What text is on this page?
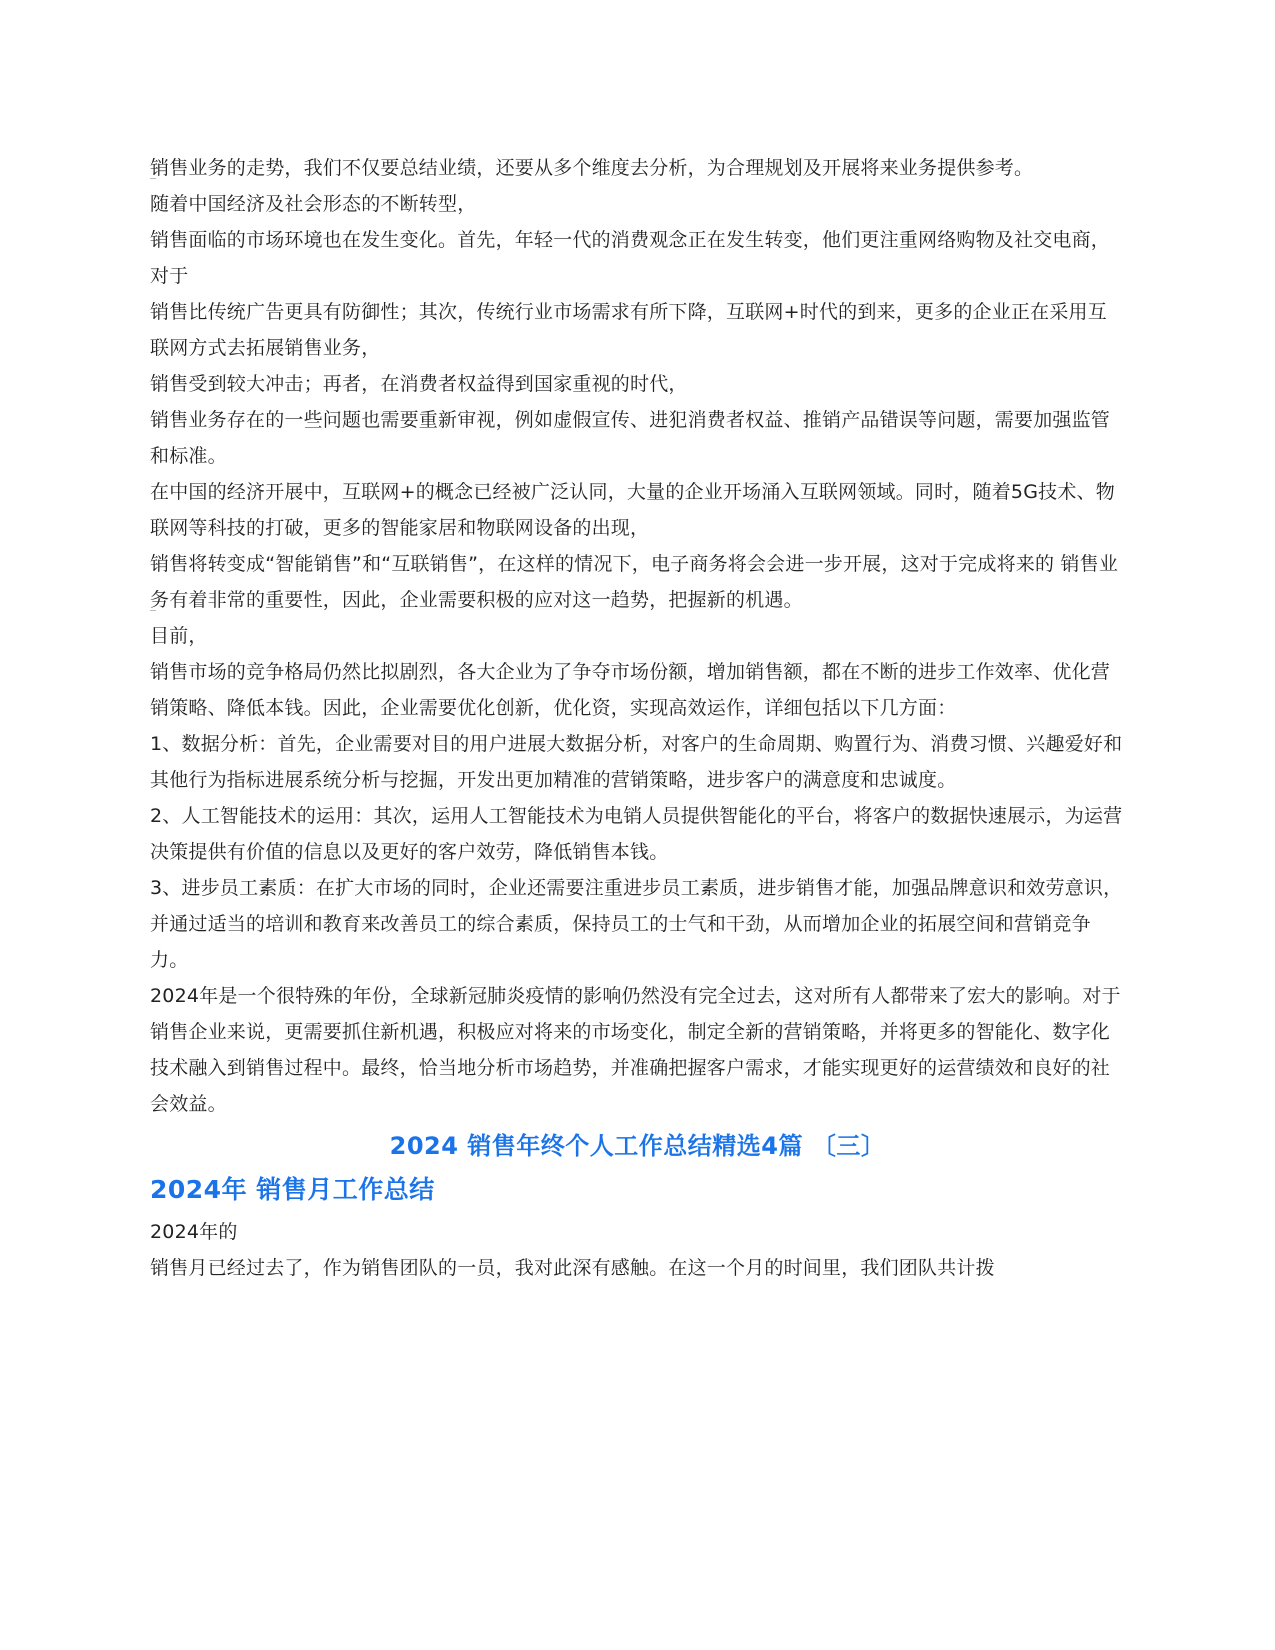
销售业务的走势，我们不仅要总结业绩，还要从多个维度去分析，为合理规划及开展将来业务提供参考。

随着中国经济及社会形态的不断转型，

销售面临的市场环境也在发生变化。首先，年轻一代的消费观念正在发生转变，他们更注重网络购物及社交电商，对于

销售比传统广告更具有防御性；其次，传统行业市场需求有所下降，互联网+时代的到来，更多的企业正在采用互联网方式去拓展销售业务，

销售受到较大冲击；再者，在消费者权益得到国家重视的时代，

销售业务存在的一些问题也需要重新审视，例如虚假宣传、进犯消费者权益、推销产品错误等问题，需要加强监管和标准。

在中国的经济开展中，互联网+的概念已经被广泛认同，大量的企业开场涌入互联网领域。同时，随着5G技术、物联网等科技的打破，更多的智能家居和物联网设备的出现，

销售将转变成“智能销售”和“互联销售”，在这样的情况下，电子商务将会会进一步开展，这对于完成将来的 销售业务有着非常的重要性，因此，企业需要积极的应对这一趋势，把握新的机遇。

目前，

销售市场的竞争格局仍然比拟剧烈，各大企业为了争夺市场份额，增加销售额，都在不断的进步工作效率、优化营销策略、降低本钱。因此，企业需要优化创新，优化资，实现高效运作，详细包括以下几方面：

1、数据分析：首先，企业需要对目的用户进展大数据分析，对客户的生命周期、购置行为、消费习惯、兴趣爱好和其他行为指标进展系统分析与挖掘，开发出更加精准的营销策略，进步客户的满意度和忠诚度。

2、人工智能技术的运用：其次，运用人工智能技术为电销人员提供智能化的平台，将客户的数据快速展示，为运营决策提供有价值的信息以及更好的客户效劳，降低销售本钱。

3、进步员工素质：在扩大市场的同时，企业还需要注重进步员工素质，进步销售才能，加强品牌意识和效劳意识，并通过适当的培训和教育来改善员工的综合素质，保持员工的士气和干劲，从而增加企业的拓展空间和营销竞争力。

2024年是一个很特殊的年份，全球新冠肺炎疫情的影响仍然没有完全过去，这对所有人都带来了宏大的影响。对于

销售企业来说，更需要抓住新机遇，积极应对将来的市场变化，制定全新的营销策略，并将更多的智能化、数字化技术融入到销售过程中。最终，恰当地分析市场趋势，并准确把握客户需求，才能实现更好的运营绩效和良好的社会效益。

2024 销售年终个人工作总结精选4篇 〔三〕
2024年 销售月工作总结

2024年的

销售月已经过去了，作为销售团队的一员，我对此深有感触。在这一个月的时间里，我们团队共计拨
